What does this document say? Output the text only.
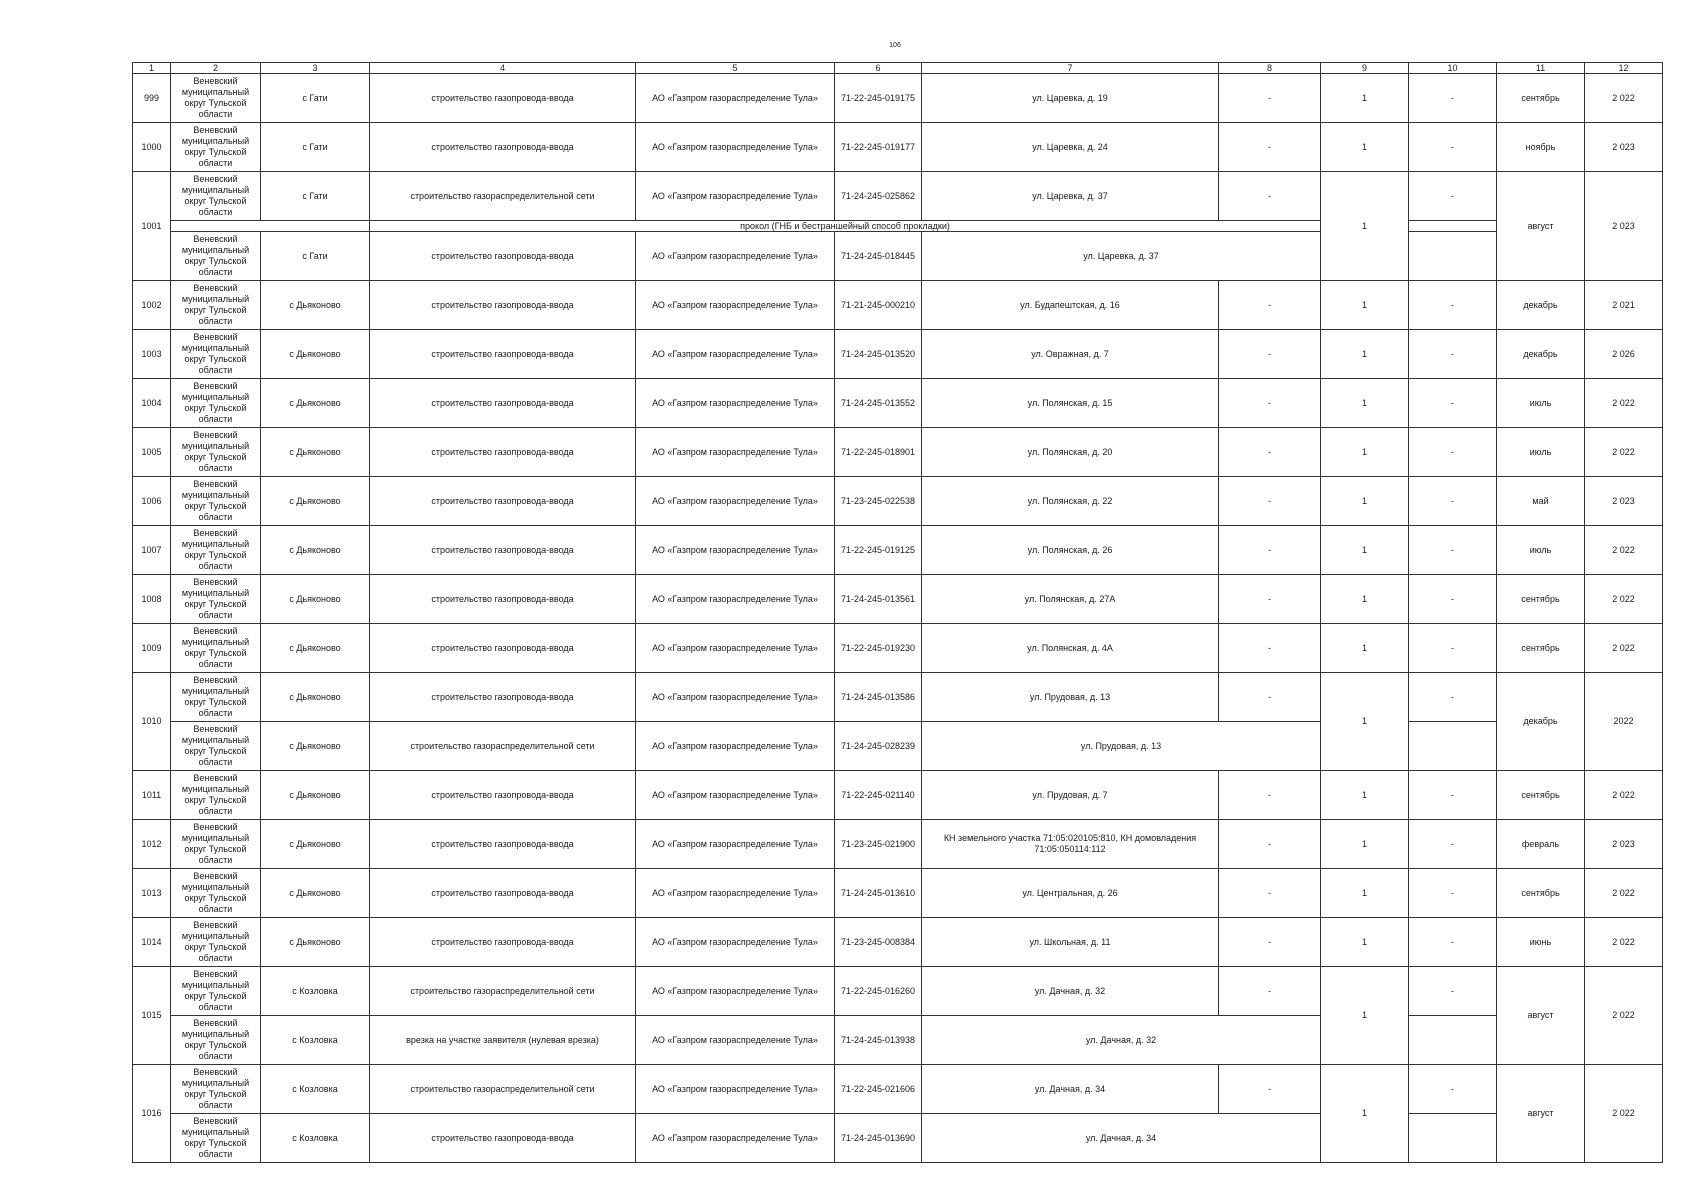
106
1	2	3	4	5	6	7	8	9	10	11	12
999	Веневский муниципальный округ Тульской области	с Гати	строительство газопровода-ввода	АО «Газпром газораспределение Тула»	71-22-245-019175	ул. Царевка, д. 19	-	1	-	сентябрь	2 022
1000	Веневский муниципальный округ Тульской области	с Гати	строительство газопровода-ввода	АО «Газпром газораспределение Тула»	71-22-245-019177	ул. Царевка, д. 24	-	1	-	ноябрь	2 023
1001	Веневский муниципальный округ Тульской области	с Гати	строительство газораспределительной сети	АО «Газпром газораспределение Тула»	71-24-245-025862	ул. Царевка, д. 37	-	1	-	август	2 023
			прокол (ГНБ и бестраншейный способ прокладки)								
	Веневский муниципальный округ Тульской области	с Гати	строительство газопровода-ввода	АО «Газпром газораспределение Тула»	71-24-245-018445	ул. Царевка, д. 37					
1002	Веневский муниципальный округ Тульской области	с Дьяконово	строительство газопровода-ввода	АО «Газпром газораспределение Тула»	71-21-245-000210	ул. Будапештская, д. 16	-	1	-	декабрь	2 021
1003	Веневский муниципальный округ Тульской области	с Дьяконово	строительство газопровода-ввода	АО «Газпром газораспределение Тула»	71-24-245-013520	ул. Овражная, д. 7	-	1	-	декабрь	2 026
1004	Веневский муниципальный округ Тульской области	с Дьяконово	строительство газопровода-ввода	АО «Газпром газораспределение Тула»	71-24-245-013552	ул. Полянская, д. 15	-	1	-	июль	2 022
1005	Веневский муниципальный округ Тульской области	с Дьяконово	строительство газопровода-ввода	АО «Газпром газораспределение Тула»	71-22-245-018901	ул. Полянская, д. 20	-	1	-	июль	2 022
1006	Веневский муниципальный округ Тульской области	с Дьяконово	строительство газопровода-ввода	АО «Газпром газораспределение Тула»	71-23-245-022538	ул. Полянская, д. 22	-	1	-	май	2 023
1007	Веневский муниципальный округ Тульской области	с Дьяконово	строительство газопровода-ввода	АО «Газпром газораспределение Тула»	71-22-245-019125	ул. Полянская, д. 26	-	1	-	июль	2 022
1008	Веневский муниципальный округ Тульской области	с Дьяконово	строительство газопровода-ввода	АО «Газпром газораспределение Тула»	71-24-245-013561	ул. Полянская, д. 27А	-	1	-	сентябрь	2 022
1009	Веневский муниципальный округ Тульской области	с Дьяконово	строительство газопровода-ввода	АО «Газпром газораспределение Тула»	71-22-245-019230	ул. Полянская, д. 4А	-	1	-	сентябрь	2 022
1010	Веневский муниципальный округ Тульской области	с Дьяконово	строительство газопровода-ввода	АО «Газпром газораспределение Тула»	71-24-245-013586	ул. Прудовая, д. 13	-	1	-	декабрь	2022
	Веневский муниципальный округ Тульской области	с Дьяконово	строительство газораспределительной сети	АО «Газпром газораспределение Тула»	71-24-245-028239	ул. Прудовая, д. 13					
1011	Веневский муниципальный округ Тульской области	с Дьяконово	строительство газопровода-ввода	АО «Газпром газораспределение Тула»	71-22-245-021140	ул. Прудовая, д. 7	-	1	-	сентябрь	2 022
1012	Веневский муниципальный округ Тульской области	с Дьяконово	строительство газопровода-ввода	АО «Газпром газораспределение Тула»	71-23-245-021900	КН земельного участка 71:05:020105:810, КН домовладения 71:05:050114:112	-	1	-	февраль	2 023
1013	Веневский муниципальный округ Тульской области	с Дьяконово	строительство газопровода-ввода	АО «Газпром газораспределение Тула»	71-24-245-013610	ул. Центральная, д. 26	-	1	-	сентябрь	2 022
1014	Веневский муниципальный округ Тульской области	с Дьяконово	строительство газопровода-ввода	АО «Газпром газораспределение Тула»	71-23-245-008384	ул. Школьная, д. 11	-	1	-	июнь	2 022
1015	Веневский муниципальный округ Тульской области	с Козловка	строительство газораспределительной сети	АО «Газпром газораспределение Тула»	71-22-245-016260	ул. Дачная, д. 32	-	1	-	август	2 022
	Веневский муниципальный округ Тульской области	с Козловка	врезка на участке заявителя (нулевая врезка)	АО «Газпром газораспределение Тула»	71-24-245-013938	ул. Дачная, д. 32					
1016	Веневский муниципальный округ Тульской области	с Козловка	строительство газораспределительной сети	АО «Газпром газораспределение Тула»	71-22-245-021606	ул. Дачная, д. 34	-	1	-	август	2 022
	Веневский муниципальный округ Тульской области	с Козловка	строительство газопровода-ввода	АО «Газпром газораспределение Тула»	71-24-245-013690	ул. Дачная, д. 34					
